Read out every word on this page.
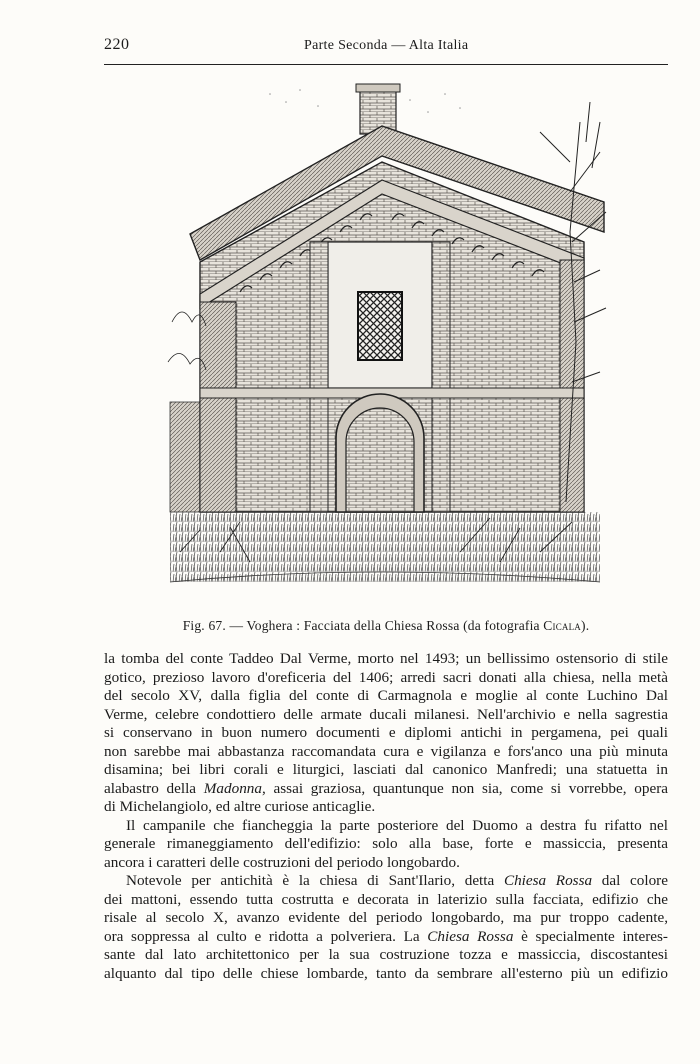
220	Parte Seconda — Alta Italia
Fig. 67. — Voghera : Facciata della Chiesa Rossa (da fotografia Cicala).

la tomba del conte Taddeo Dal Verme, morto nel 1493; un bellissimo ostensorio di stile
gotico, prezioso lavoro d'oreficeria del 1406; arredi sacri donati alla chiesa, nella metà
del secolo XV, dalla figlia del conte di Carmagnola e moglie al conte Luchino Dal
Verme, celebre condottiero delle armate ducali milanesi. Nell'archivio e nella sagrestia
si conservano in buon numero documenti e diplomi antichi in pergamena, pei quali
non sarebbe mai abbastanza raccomandata cura e vigilanza e fors'anco una più minuta
disamina; bei libri corali e liturgici, lasciati dal canonico Manfredi; una statuetta in
alabastro della Madonna, assai graziosa, quantunque non sia, come si vorrebbe, opera
di Michelangiolo, ed altre curiose anticaglie.

Il campanile che fiancheggia la parte posteriore del Duomo a destra fu rifatto nel
generale rimaneggiamento dell'edifizio: solo alla base, forte e massiccia, presenta
ancora i caratteri delle costruzioni del periodo longobardo.

Notevole per antichità è la chiesa di Sant'Ilario, detta Chiesa Rossa dal colore
dei mattoni, essendo tutta costrutta e decorata in laterizio sulla facciata, edifizio che
risale al secolo X, avanzo evidente del periodo longobardo, ma pur troppo cadente,
ora soppressa al culto e ridotta a polveriera. La Chiesa Rossa è specialmente interes-
sante dal lato architettonico per la sua costruzione tozza e massiccia, discostantesi
alquanto dal tipo delle chiese lombarde, tanto da sembrare all'esterno più un edifizio
